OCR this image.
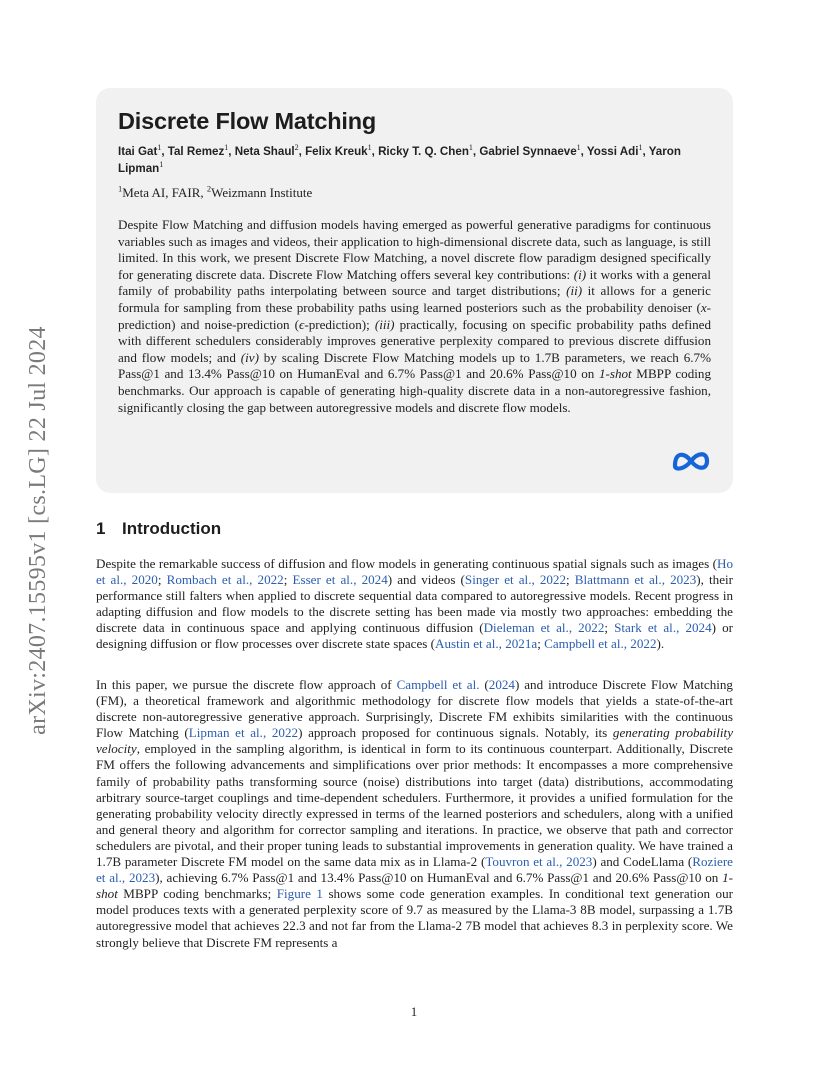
arXiv:2407.15595v1 [cs.LG] 22 Jul 2024
Discrete Flow Matching
Itai Gat$^1$, Tal Remez$^1$, Neta Shaul$^2$, Felix Kreuk$^1$, Ricky T. Q. Chen$^1$, Gabriel Synnaeve$^1$, Yossi Adi$^1$, Yaron Lipman$^1$
$^1$Meta AI, FAIR, $^2$Weizmann Institute

Despite Flow Matching and diffusion models having emerged as powerful generative paradigms for continuous variables such as images and videos, their application to high-dimensional discrete data, such as language, is still limited. In this work, we present Discrete Flow Matching, a novel discrete flow paradigm designed specifically for generating discrete data. Discrete Flow Matching offers several key contributions: (i) it works with a general family of probability paths interpolating between source and target distributions; (ii) it allows for a generic formula for sampling from these probability paths using learned posteriors such as the probability denoiser (x-prediction) and noise-prediction (ϵ-prediction); (iii) practically, focusing on specific probability paths defined with different schedulers considerably improves generative perplexity compared to previous discrete diffusion and flow models; and (iv) by scaling Discrete Flow Matching models up to 1.7B parameters, we reach 6.7% Pass@1 and 13.4% Pass@10 on HumanEval and 6.7% Pass@1 and 20.6% Pass@10 on 1-shot MBPP coding benchmarks. Our approach is capable of generating high-quality discrete data in a non-autoregressive fashion, significantly closing the gap between autoregressive models and discrete flow models.

1 Introduction

Despite the remarkable success of diffusion and flow models in generating continuous spatial signals such as images (Ho et al., 2020; Rombach et al., 2022; Esser et al., 2024) and videos (Singer et al., 2022; Blattmann et al., 2023), their performance still falters when applied to discrete sequential data compared to autoregressive models. Recent progress in adapting diffusion and flow models to the discrete setting has been made via mostly two approaches: embedding the discrete data in continuous space and applying continuous diffusion (Dieleman et al., 2022; Stark et al., 2024) or designing diffusion or flow processes over discrete state spaces (Austin et al., 2021a; Campbell et al., 2022).

In this paper, we pursue the discrete flow approach of Campbell et al. (2024) and introduce Discrete Flow Matching (FM), a theoretical framework and algorithmic methodology for discrete flow models that yields a state-of-the-art discrete non-autoregressive generative approach. Surprisingly, Discrete FM exhibits similarities with the continuous Flow Matching (Lipman et al., 2022) approach proposed for continuous signals. Notably, its generating probability velocity, employed in the sampling algorithm, is identical in form to its continuous counterpart. Additionally, Discrete FM offers the following advancements and simplifications over prior methods: It encompasses a more comprehensive family of probability paths transforming source (noise) distributions into target (data) distributions, accommodating arbitrary source-target couplings and time-dependent schedulers. Furthermore, it provides a unified formulation for the generating probability velocity directly expressed in terms of the learned posteriors and schedulers, along with a unified and general theory and algorithm for corrector sampling and iterations. In practice, we observe that path and corrector schedulers are pivotal, and their proper tuning leads to substantial improvements in generation quality. We have trained a 1.7B parameter Discrete FM model on the same data mix as in Llama-2 (Touvron et al., 2023) and CodeLlama (Roziere et al., 2023), achieving 6.7% Pass@1 and 13.4% Pass@10 on HumanEval and 6.7% Pass@1 and 20.6% Pass@10 on 1-shot MBPP coding benchmarks; Figure 1 shows some code generation examples. In conditional text generation our model produces texts with a generated perplexity score of 9.7 as measured by the Llama-3 8B model, surpassing a 1.7B autoregressive model that achieves 22.3 and not far from the Llama-2 7B model that achieves 8.3 in perplexity score. We strongly believe that Discrete FM represents a

1
